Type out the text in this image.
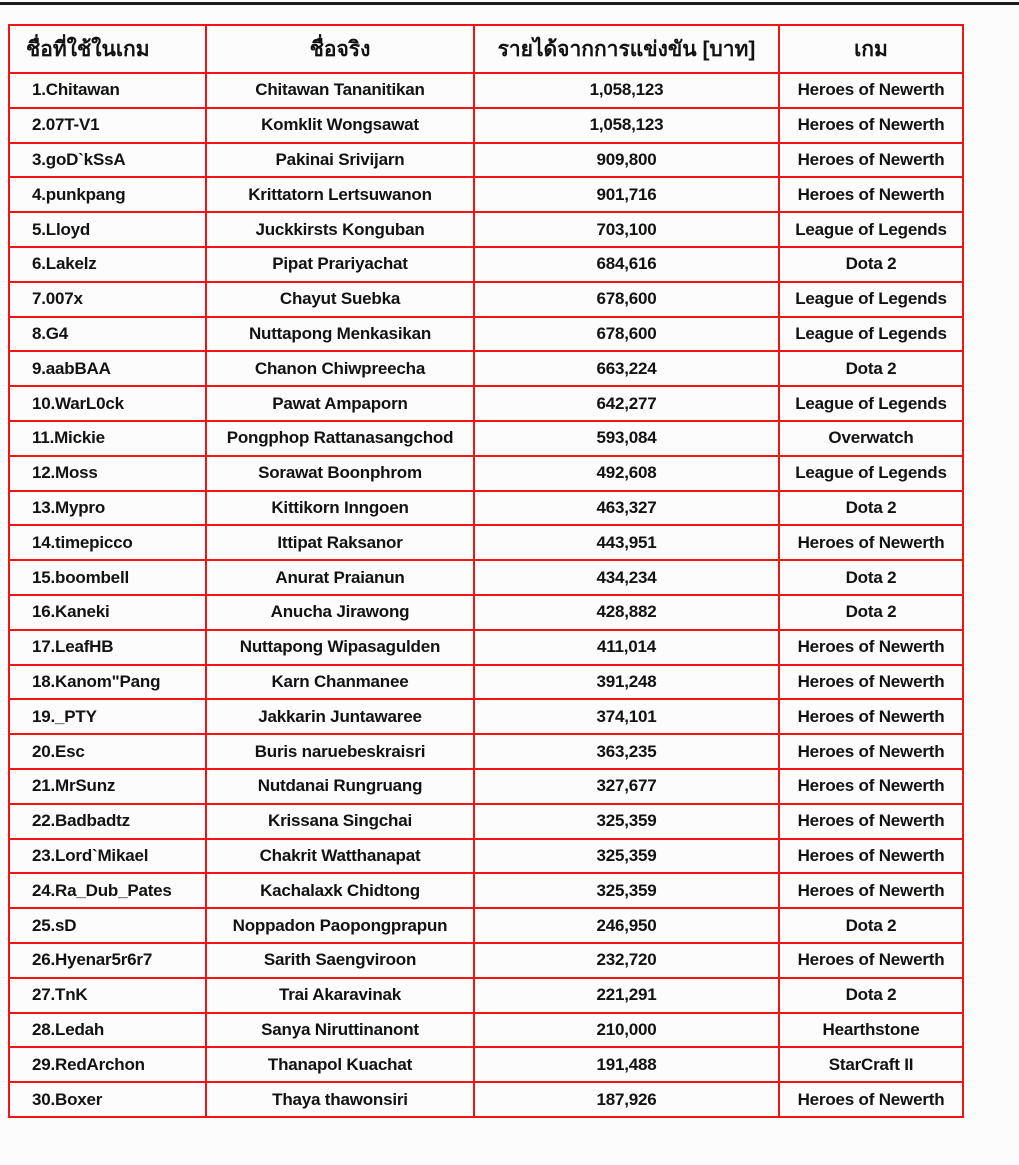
ชื่อที่ใช้ในเกม	ชื่อจริง	รายได้จากการแข่งขัน [บาท]	เกม
1.Chitawan	Chitawan Tananitikan	1,058,123	Heroes of Newerth
2.07T-V1	Komklit Wongsawat	1,058,123	Heroes of Newerth
3.goD`kSsA	Pakinai Srivijarn	909,800	Heroes of Newerth
4.punkpang	Krittatorn Lertsuwanon	901,716	Heroes of Newerth
5.Lloyd	Juckkirsts Konguban	703,100	League of Legends
6.Lakelz	Pipat Prariyachat	684,616	Dota 2
7.007x	Chayut Suebka	678,600	League of Legends
8.G4	Nuttapong Menkasikan	678,600	League of Legends
9.aabBAA	Chanon Chiwpreecha	663,224	Dota 2
10.WarL0ck	Pawat Ampaporn	642,277	League of Legends
11.Mickie	Pongphop Rattanasangchod	593,084	Overwatch
12.Moss	Sorawat Boonphrom	492,608	League of Legends
13.Mypro	Kittikorn Inngoen	463,327	Dota 2
14.timepicco	Ittipat Raksanor	443,951	Heroes of Newerth
15.boombell	Anurat Praianun	434,234	Dota 2
16.Kaneki	Anucha Jirawong	428,882	Dota 2
17.LeafHB	Nuttapong Wipasagulden	411,014	Heroes of Newerth
18.Kanom"Pang	Karn Chanmanee	391,248	Heroes of Newerth
19._PTY	Jakkarin Juntawaree	374,101	Heroes of Newerth
20.Esc	Buris naruebeskraisri	363,235	Heroes of Newerth
21.MrSunz	Nutdanai Rungruang	327,677	Heroes of Newerth
22.Badbadtz	Krissana Singchai	325,359	Heroes of Newerth
23.Lord`Mikael	Chakrit Watthanapat	325,359	Heroes of Newerth
24.Ra_Dub_Pates	Kachalaxk Chidtong	325,359	Heroes of Newerth
25.sD	Noppadon Paopongprapun	246,950	Dota 2
26.Hyenar5r6r7	Sarith Saengviroon	232,720	Heroes of Newerth
27.TnK	Trai Akaravinak	221,291	Dota 2
28.Ledah	Sanya Niruttinanont	210,000	Hearthstone
29.RedArchon	Thanapol Kuachat	191,488	StarCraft II
30.Boxer	Thaya thawonsiri	187,926	Heroes of Newerth
